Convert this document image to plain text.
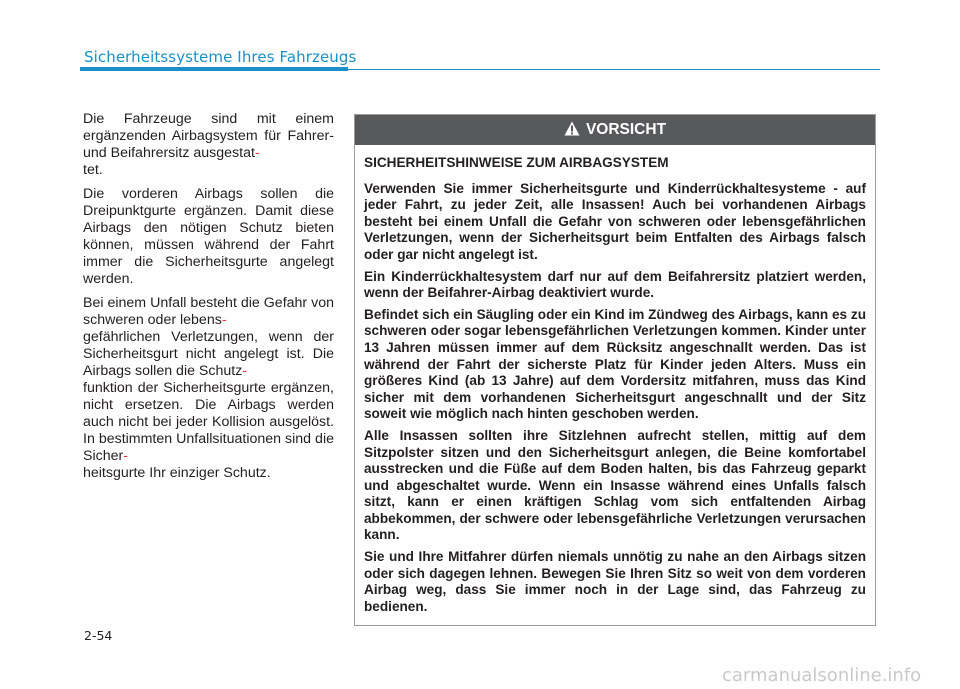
Sicherheitssysteme Ihres Fahrzeugs

Die Fahrzeuge sind mit einem ergänzenden Airbagsystem für Fahrer- und Beifahrersitz ausgestat-
tet.

Die vorderen Airbags sollen die Dreipunktgurte ergänzen. Damit diese Airbags den nötigen Schutz bieten können, müssen während der Fahrt immer die Sicherheitsgurte angelegt werden.

Bei einem Unfall besteht die Gefahr von schweren oder lebens-
gefährlichen Verletzungen, wenn der Sicherheitsgurt nicht angelegt ist. Die Airbags sollen die Schutz-
funktion der Sicherheitsgurte ergänzen, nicht ersetzen. Die Airbags werden auch nicht bei jeder Kollision ausgelöst. In bestimmten Unfallsituationen sind die Sicher-
heitsgurte Ihr einziger Schutz.

VORSICHT

SICHERHEITSHINWEISE ZUM AIRBAGSYSTEM

Verwenden Sie immer Sicherheitsgurte und Kinderrückhaltesysteme - auf jeder Fahrt, zu jeder Zeit, alle Insassen! Auch bei vorhandenen Airbags besteht bei einem Unfall die Gefahr von schweren oder lebensgefährlichen Verletzungen, wenn der Sicherheitsgurt beim Entfalten des Airbags falsch oder gar nicht angelegt ist.

Ein Kinderrückhaltesystem darf nur auf dem Beifahrersitz platziert werden, wenn der Beifahrer-Airbag deaktiviert wurde.

Befindet sich ein Säugling oder ein Kind im Zündweg des Airbags, kann es zu schweren oder sogar lebensgefährlichen Verletzungen kommen. Kinder unter 13 Jahren müssen immer auf dem Rücksitz angeschnallt werden. Das ist während der Fahrt der sicherste Platz für Kinder jeden Alters. Muss ein größeres Kind (ab 13 Jahre) auf dem Vordersitz mitfahren, muss das Kind sicher mit dem vorhandenen Sicherheitsgurt angeschnallt und der Sitz soweit wie möglich nach hinten geschoben werden.

Alle Insassen sollten ihre Sitzlehnen aufrecht stellen, mittig auf dem Sitzpolster sitzen und den Sicherheitsgurt anlegen, die Beine komfortabel ausstrecken und die Füße auf dem Boden halten, bis das Fahrzeug geparkt und abgeschaltet wurde. Wenn ein Insasse während eines Unfalls falsch sitzt, kann er einen kräftigen Schlag vom sich entfaltenden Airbag abbekommen, der schwere oder lebensgefährliche Verletzungen verursachen kann.

Sie und Ihre Mitfahrer dürfen niemals unnötig zu nahe an den Airbags sitzen oder sich dagegen lehnen. Bewegen Sie Ihren Sitz so weit von dem vorderen Airbag weg, dass Sie immer noch in der Lage sind, das Fahrzeug zu bedienen.

2-54
carmanualsonline.info
